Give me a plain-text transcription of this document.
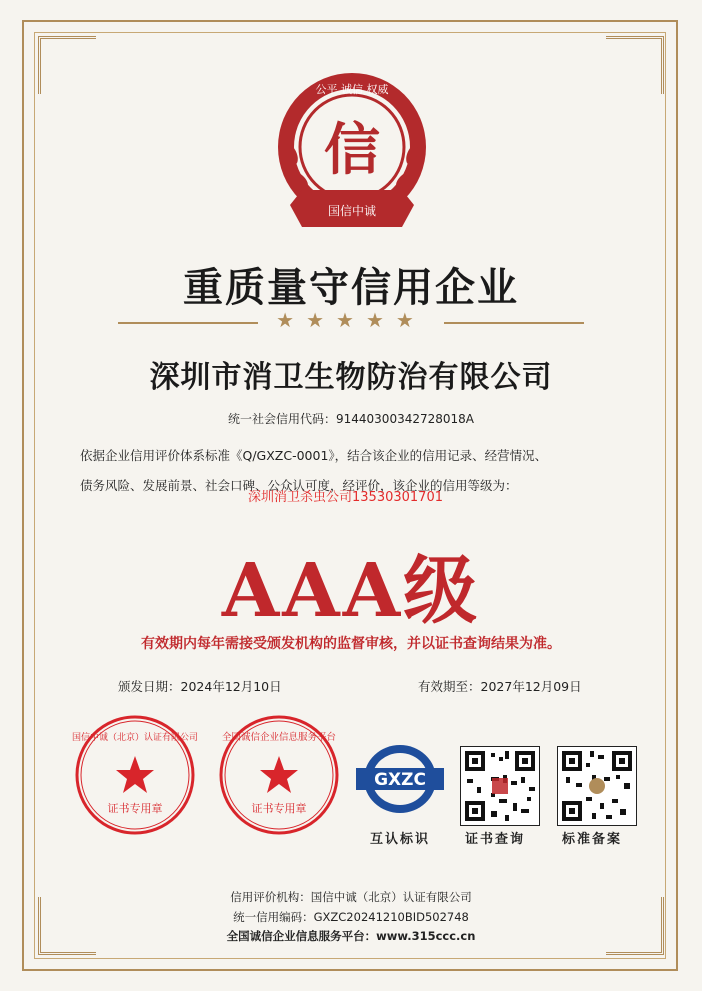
国信中诚
公平 诚信 权威
信
重质量守信用企业
★★★★★
深圳市消卫生物防治有限公司
统一社会信用代码：91440300342728018A
依据企业信用评价体系标准《Q/GXZC-0001》，结合该企业的信用记录、经营情况、
债务风险、发展前景、社会口碑、公众认可度，经评价，该企业的信用等级为：
深圳消卫杀虫公司13530301701
AAA级
有效期内每年需接受颁发机构的监督审核，并以证书查询结果为准。
颁发日期：2024年12月10日	有效期至：2027年12月09日
国信中诚（北京）认证有限公司
证书专用章
全国诚信企业信息服务平台
证书专用章
GXZC
互认标识	证书查询	标准备案
信用评价机构：国信中诚（北京）认证有限公司
统一信用编码：GXZC20241210BID502748
全国诚信企业信息服务平台：www.315ccc.cn
